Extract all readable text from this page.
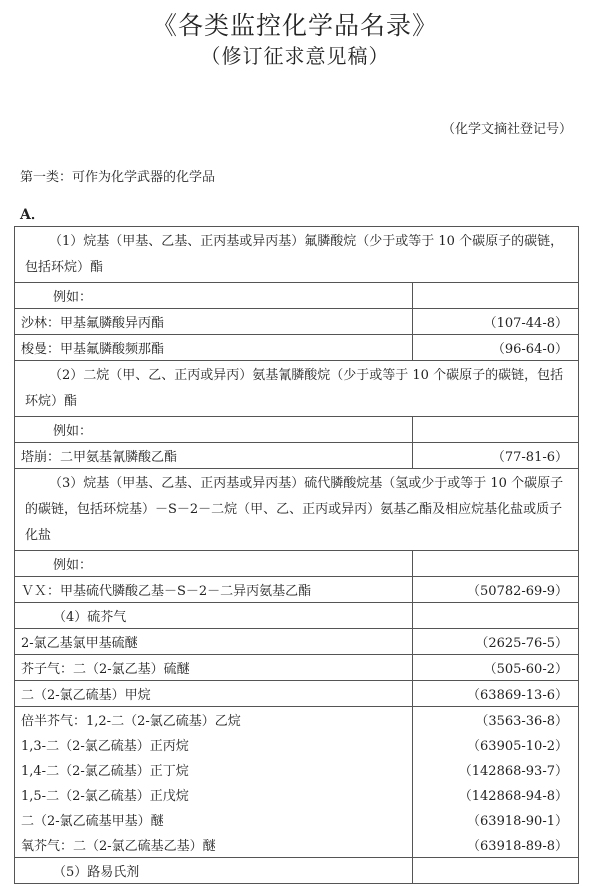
《各类监控化学品名录》
（修订征求意见稿）
（化学文摘社登记号）
第一类：可作为化学武器的化学品
A．
（1）烷基（甲基、乙基、正丙基或异丙基）氟膦酸烷（少于或等于 10 个碳原子的碳链，包括环烷）酯	
例如：	
沙林：甲基氟膦酸异丙酯	（107-44-8）
梭曼：甲基氟膦酸频那酯	（96-64-0）
（2）二烷（甲、乙、正丙或异丙）氨基氰膦酸烷（少于或等于 10 个碳原子的碳链，包括环烷）酯	
例如：	
塔崩：二甲氨基氰膦酸乙酯	（77-81-6）
（3）烷基（甲基、乙基、正丙基或异丙基）硫代膦酸烷基（氢或少于或等于 10 个碳原子的碳链，包括环烷基）－S－2－二烷（甲、乙、正丙或异丙）氨基乙酯及相应烷基化盐或质子化盐	
例如：	
ＶＸ：甲基硫代膦酸乙基－S－2－二异丙氨基乙酯	（50782-69-9）
（4）硫芥气	
2-氯乙基氯甲基硫醚	（2625-76-5）
芥子气：二（2-氯乙基）硫醚	（505-60-2）
二（2-氯乙硫基）甲烷	（63869-13-6）
倍半芥气：1,2-二（2-氯乙硫基）乙烷	（3563-36-8）
1,3-二（2-氯乙硫基）正丙烷	（63905-10-2）
1,4-二（2-氯乙硫基）正丁烷	（142868-93-7）
1,5-二（2-氯乙硫基）正戊烷	（142868-94-8）
二（2-氯乙硫基甲基）醚	（63918-90-1）
氧芥气：二（2-氯乙硫基乙基）醚	（63918-89-8）
（5）路易氏剂	
